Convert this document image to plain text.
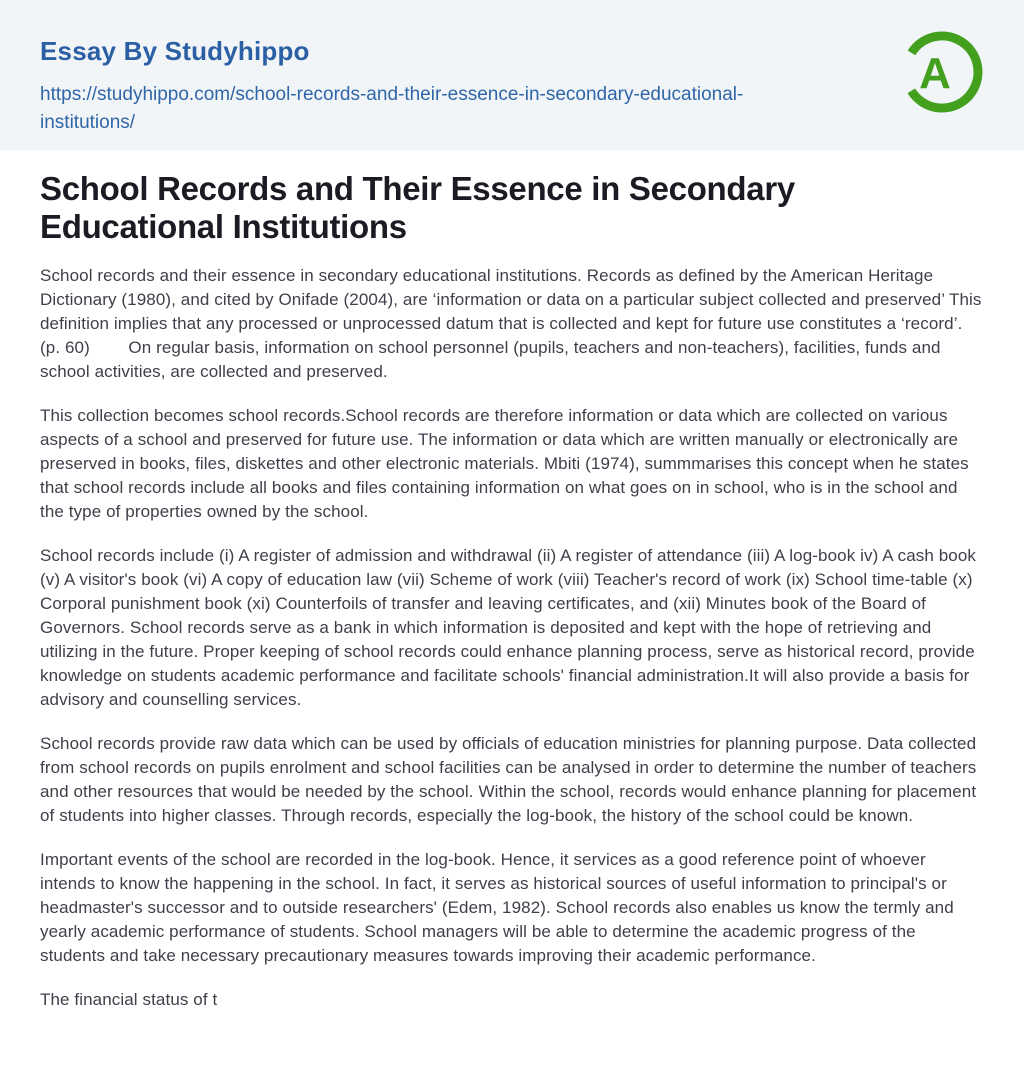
Essay By Studyhippo
https://studyhippo.com/school-records-and-their-essence-in-secondary-educational-institutions/
A
School Records and Their Essence in Secondary Educational Institutions

School records and their essence in secondary educational institutions. Records as defined by the American Heritage Dictionary (1980), and cited by Onifade (2004), are ‘information or data on a particular subject collected and preserved’ This definition implies that any processed or unprocessed datum that is collected and kept for future use constitutes a ‘record’. (p. 60)        On regular basis, information on school personnel (pupils, teachers and non-teachers), facilities, funds and school activities, are collected and preserved.

This collection becomes school records.School records are therefore information or data which are collected on various aspects of a school and preserved for future use. The information or data which are written manually or electronically are preserved in books, files, diskettes and other electronic materials. Mbiti (1974), summmarises this concept when he states that school records include all books and files containing information on what goes on in school, who is in the school and the type of properties owned by the school.

School records include (i) A register of admission and withdrawal (ii) A register of attendance (iii) A log-book iv) A cash book (v) A visitor's book (vi) A copy of education law (vii) Scheme of work (viii) Teacher's record of work (ix) School time-table (x) Corporal punishment book (xi) Counterfoils of transfer and leaving certificates, and (xii) Minutes book of the Board of Governors. School records serve as a bank in which information is deposited and kept with the hope of retrieving and utilizing in the future. Proper keeping of school records could enhance planning process, serve as historical record, provide knowledge on students academic performance and facilitate schools' financial administration.It will also provide a basis for advisory and counselling services.

School records provide raw data which can be used by officials of education ministries for planning purpose. Data collected from school records on pupils enrolment and school facilities can be analysed in order to determine the number of teachers and other resources that would be needed by the school. Within the school, records would enhance planning for placement of students into higher classes. Through records, especially the log-book, the history of the school could be known.

Important events of the school are recorded in the log-book. Hence, it services as a good reference point of whoever intends to know the happening in the school. In fact, it serves as historical sources of useful information to principal's or headmaster's successor and to outside researchers' (Edem, 1982). School records also enables us know the termly and yearly academic performance of students. School managers will be able to determine the academic progress of the students and take necessary precautionary measures towards improving their academic performance.

The financial status of t
